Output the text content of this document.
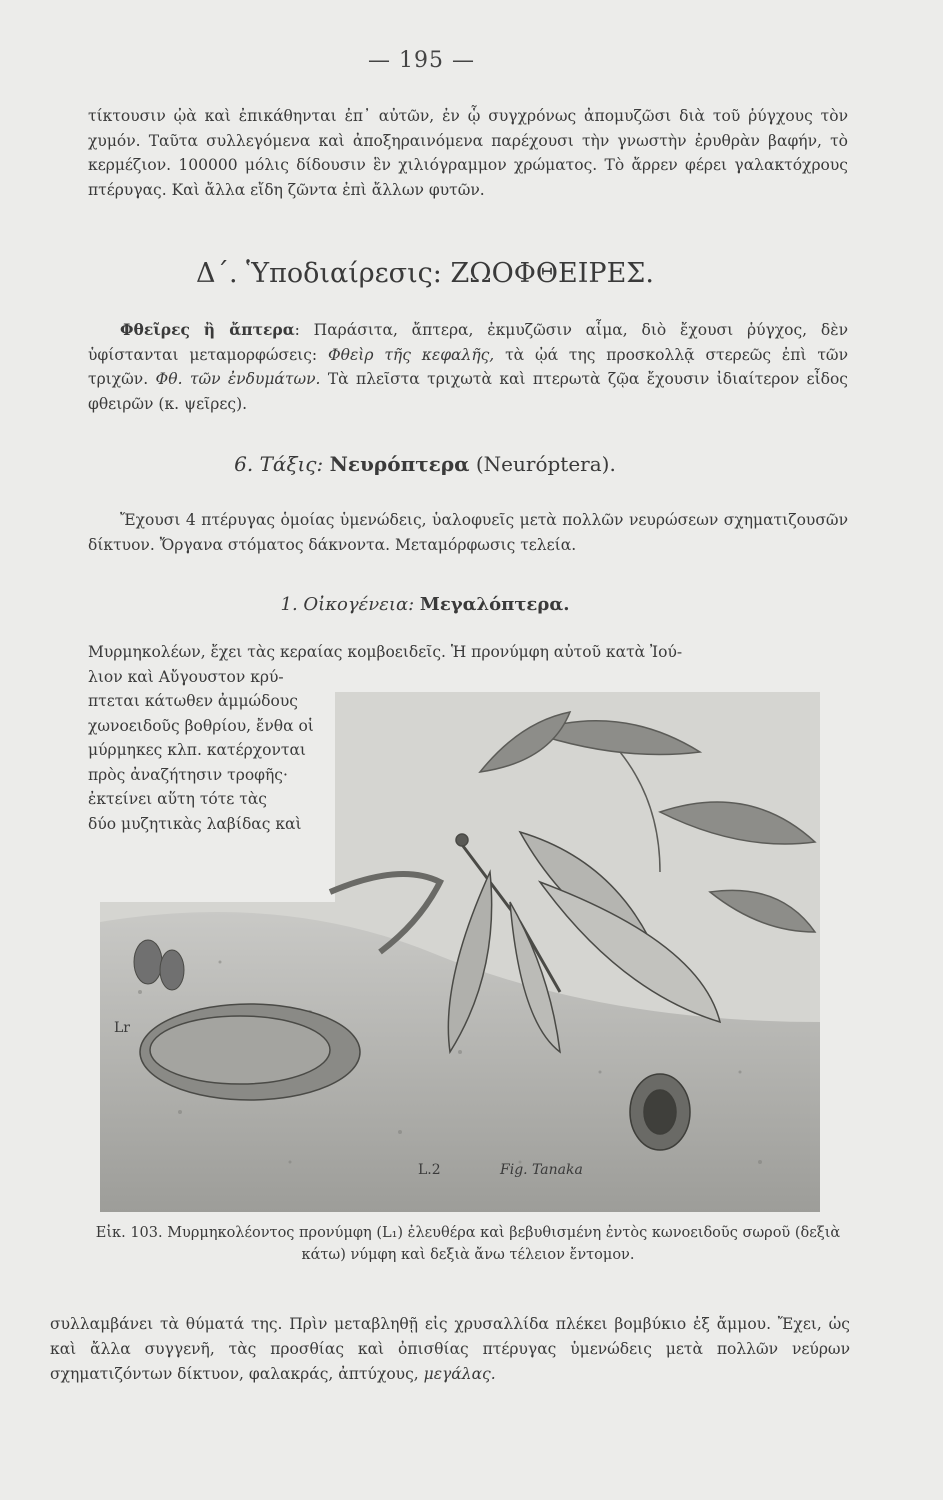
— 195 —
τίκτουσιν ᾠὰ καὶ ἐπικάθηνται ἐπ᾽ αὐτῶν, ἐν ᾧ συγχρόνως ἀπομυζῶσι διὰ τοῦ ῥύγχους τὸν χυμόν. Ταῦτα συλλεγόμενα καὶ ἀποξηραινόμενα παρέχουσι τὴν γνωστὴν ἐρυθρὰν βαφήν, τὸ κερμέζιον. 100000 μόλις δίδουσιν ἓν χιλιόγραμμον χρώματος. Τὸ ἄρρεν φέρει γαλακτόχρους πτέρυγας. Καὶ ἄλλα εἴδη ζῶντα ἐπὶ ἄλλων φυτῶν.
Δ΄. Ὑποδιαίρεσις: ΖΩΟΦΘΕΙΡΕΣ.
Φθεῖρες ἢ ἄπτερα: Παράσιτα, ἄπτερα, ἐκμυζῶσιν αἷμα, διὸ ἔχουσι ῥύγχος, δὲν ὑφίστανται μεταμορφώσεις: Φθεὶρ τῆς κεφαλῆς, τὰ ᾠά της προσκολλᾷ στερεῶς ἐπὶ τῶν τριχῶν. Φθ. τῶν ἐνδυμάτων. Τὰ πλεῖστα τριχωτὰ καὶ πτερωτὰ ζῷα ἔχουσιν ἰδιαίτερον εἶδος φθειρῶν (κ. ψεῖρες).
6. Τάξις: Νευρόπτερα (Neuróptera).
Ἔχουσι 4 πτέρυγας ὁμοίας ὑμενώδεις, ὑαλοφυεῖς μετὰ πολλῶν νευρώσεων σχηματιζουσῶν δίκτυον. Ὄργανα στόματος δάκνοντα. Μεταμόρφωσις τελεία.
1. Οἰκογένεια: Μεγαλόπτερα.
Μυρμηκολέων, ἔχει τὰς κεραίας κομβοειδεῖς. Ἡ προνύμφη αὐτοῦ κατὰ Ἰού-
λιον καὶ Αὔγουστον κρύ-
πτεται κάτωθεν ἀμμώδους
χωνοειδοῦς βοθρίου, ἔνθα οἱ
μύρμηκες κλπ. κατέρχονται
πρὸς ἀναζήτησιν τροφῆς·
ἐκτείνει αὕτη τότε τὰς
δύο μυζητικὰς λαβίδας καὶ
Lr
L.2	Fig. Tanaka
Εἰκ. 103. Μυρμηκολέοντος προνύμφη (L₁) ἐλευθέρα καὶ βεβυθισμένη ἐντὸς κωνοειδοῦς σωροῦ (δεξιὰ κάτω) νύμφη καὶ δεξιὰ ἄνω τέλειον ἔντομον.
συλλαμβάνει τὰ θύματά της. Πρὶν μεταβληθῇ εἰς χρυσαλλίδα πλέκει βομβύκιο ἐξ ἄμμου. Ἔχει, ὡς καὶ ἄλλα συγγενῆ, τὰς προσθίας καὶ ὀπισθίας πτέρυγας ὑμενώδεις μετὰ πολλῶν νεύρων σχηματιζόντων δίκτυον, φαλακράς, ἀπτύχους, μεγάλας.
